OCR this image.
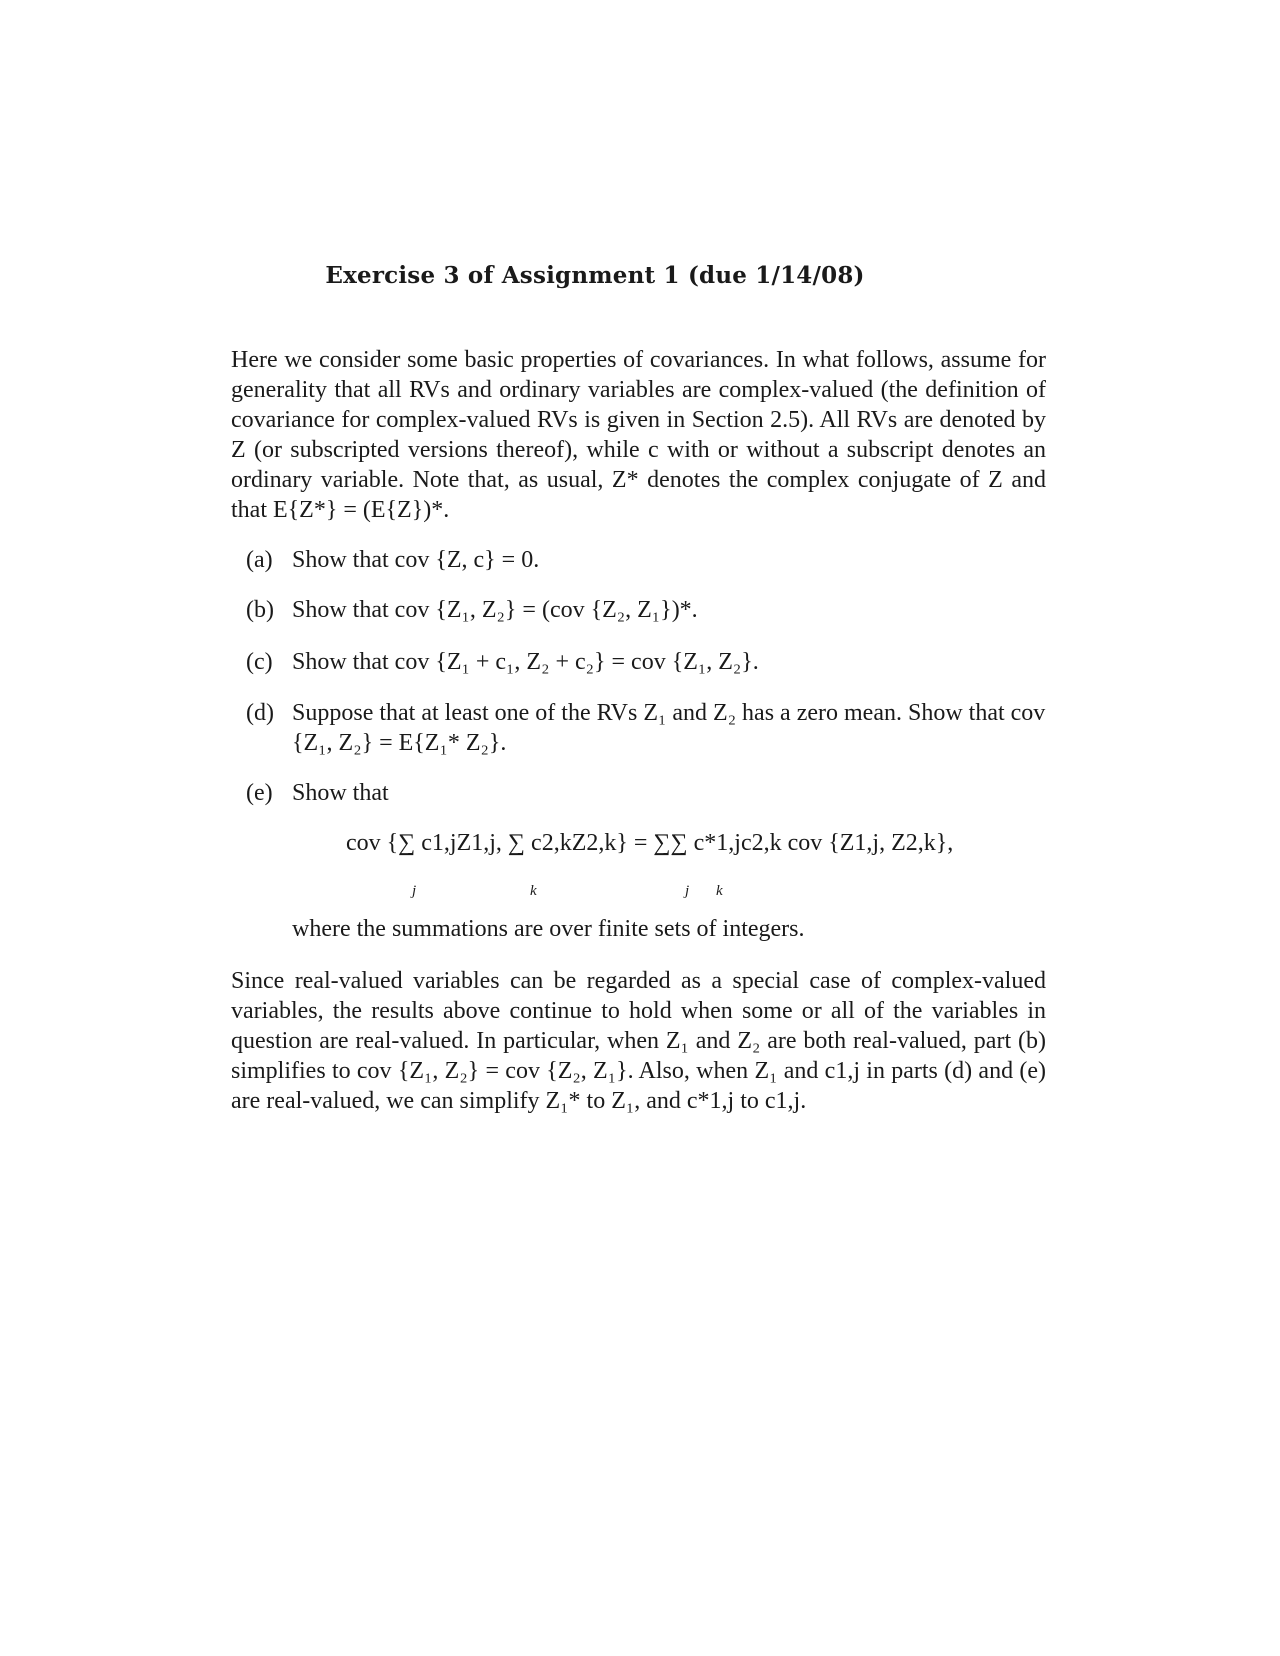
Exercise 3 of Assignment 1 (due 1/14/08)
Here we consider some basic properties of covariances. In what follows, assume for generality that all RVs and ordinary variables are complex-valued (the definition of covariance for complex-valued RVs is given in Section 2.5). All RVs are denoted by Z (or subscripted versions thereof), while c with or without a subscript denotes an ordinary variable. Note that, as usual, Z* denotes the complex conjugate of Z and that E{Z*} = (E{Z})*.
(a) Show that cov {Z, c} = 0.
(b) Show that cov {Z₁, Z₂} = (cov {Z₂, Z₁})*.
(c) Show that cov {Z₁ + c₁, Z₂ + c₂} = cov {Z₁, Z₂}.
(d) Suppose that at least one of the RVs Z₁ and Z₂ has a zero mean. Show that cov {Z₁, Z₂} = E{Z₁* Z₂}.
(e) Show that
cov {∑ c1,jZ1,j, ∑ c2,kZ2,k} = ∑∑ c*1,jc2,k cov {Z1,j, Z2,k},
j	k	j k
where the summations are over finite sets of integers.
Since real-valued variables can be regarded as a special case of complex-valued variables, the results above continue to hold when some or all of the variables in question are real-valued. In particular, when Z₁ and Z₂ are both real-valued, part (b) simplifies to cov {Z₁, Z₂} = cov {Z₂, Z₁}. Also, when Z₁ and c1,j in parts (d) and (e) are real-valued, we can simplify Z₁* to Z₁, and c*1,j to c1,j.
